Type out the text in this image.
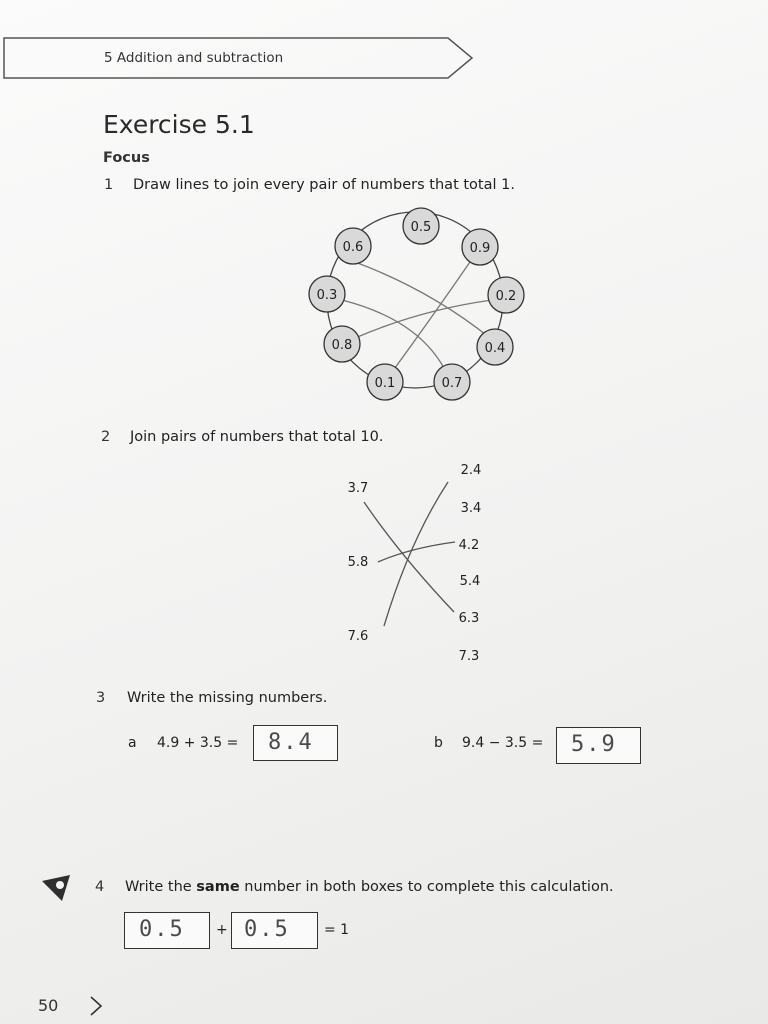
5 Addition and subtraction
Exercise 5.1
Focus
1 Draw lines to join every pair of numbers that total 1.
0.5
0.9
0.2
0.4
0.7
0.1
0.8
0.3
0.6
2 Join pairs of numbers that total 10.
3.7
5.8
7.6
2.4
3.4
4.2
5.4
6.3
7.3
3 Write the missing numbers.
a 4.9 + 3.5 = 8.4	b 9.4 − 3.5 = 5.9
4 Write the same number in both boxes to complete this calculation.
0.5 + 0.5 = 1
50
